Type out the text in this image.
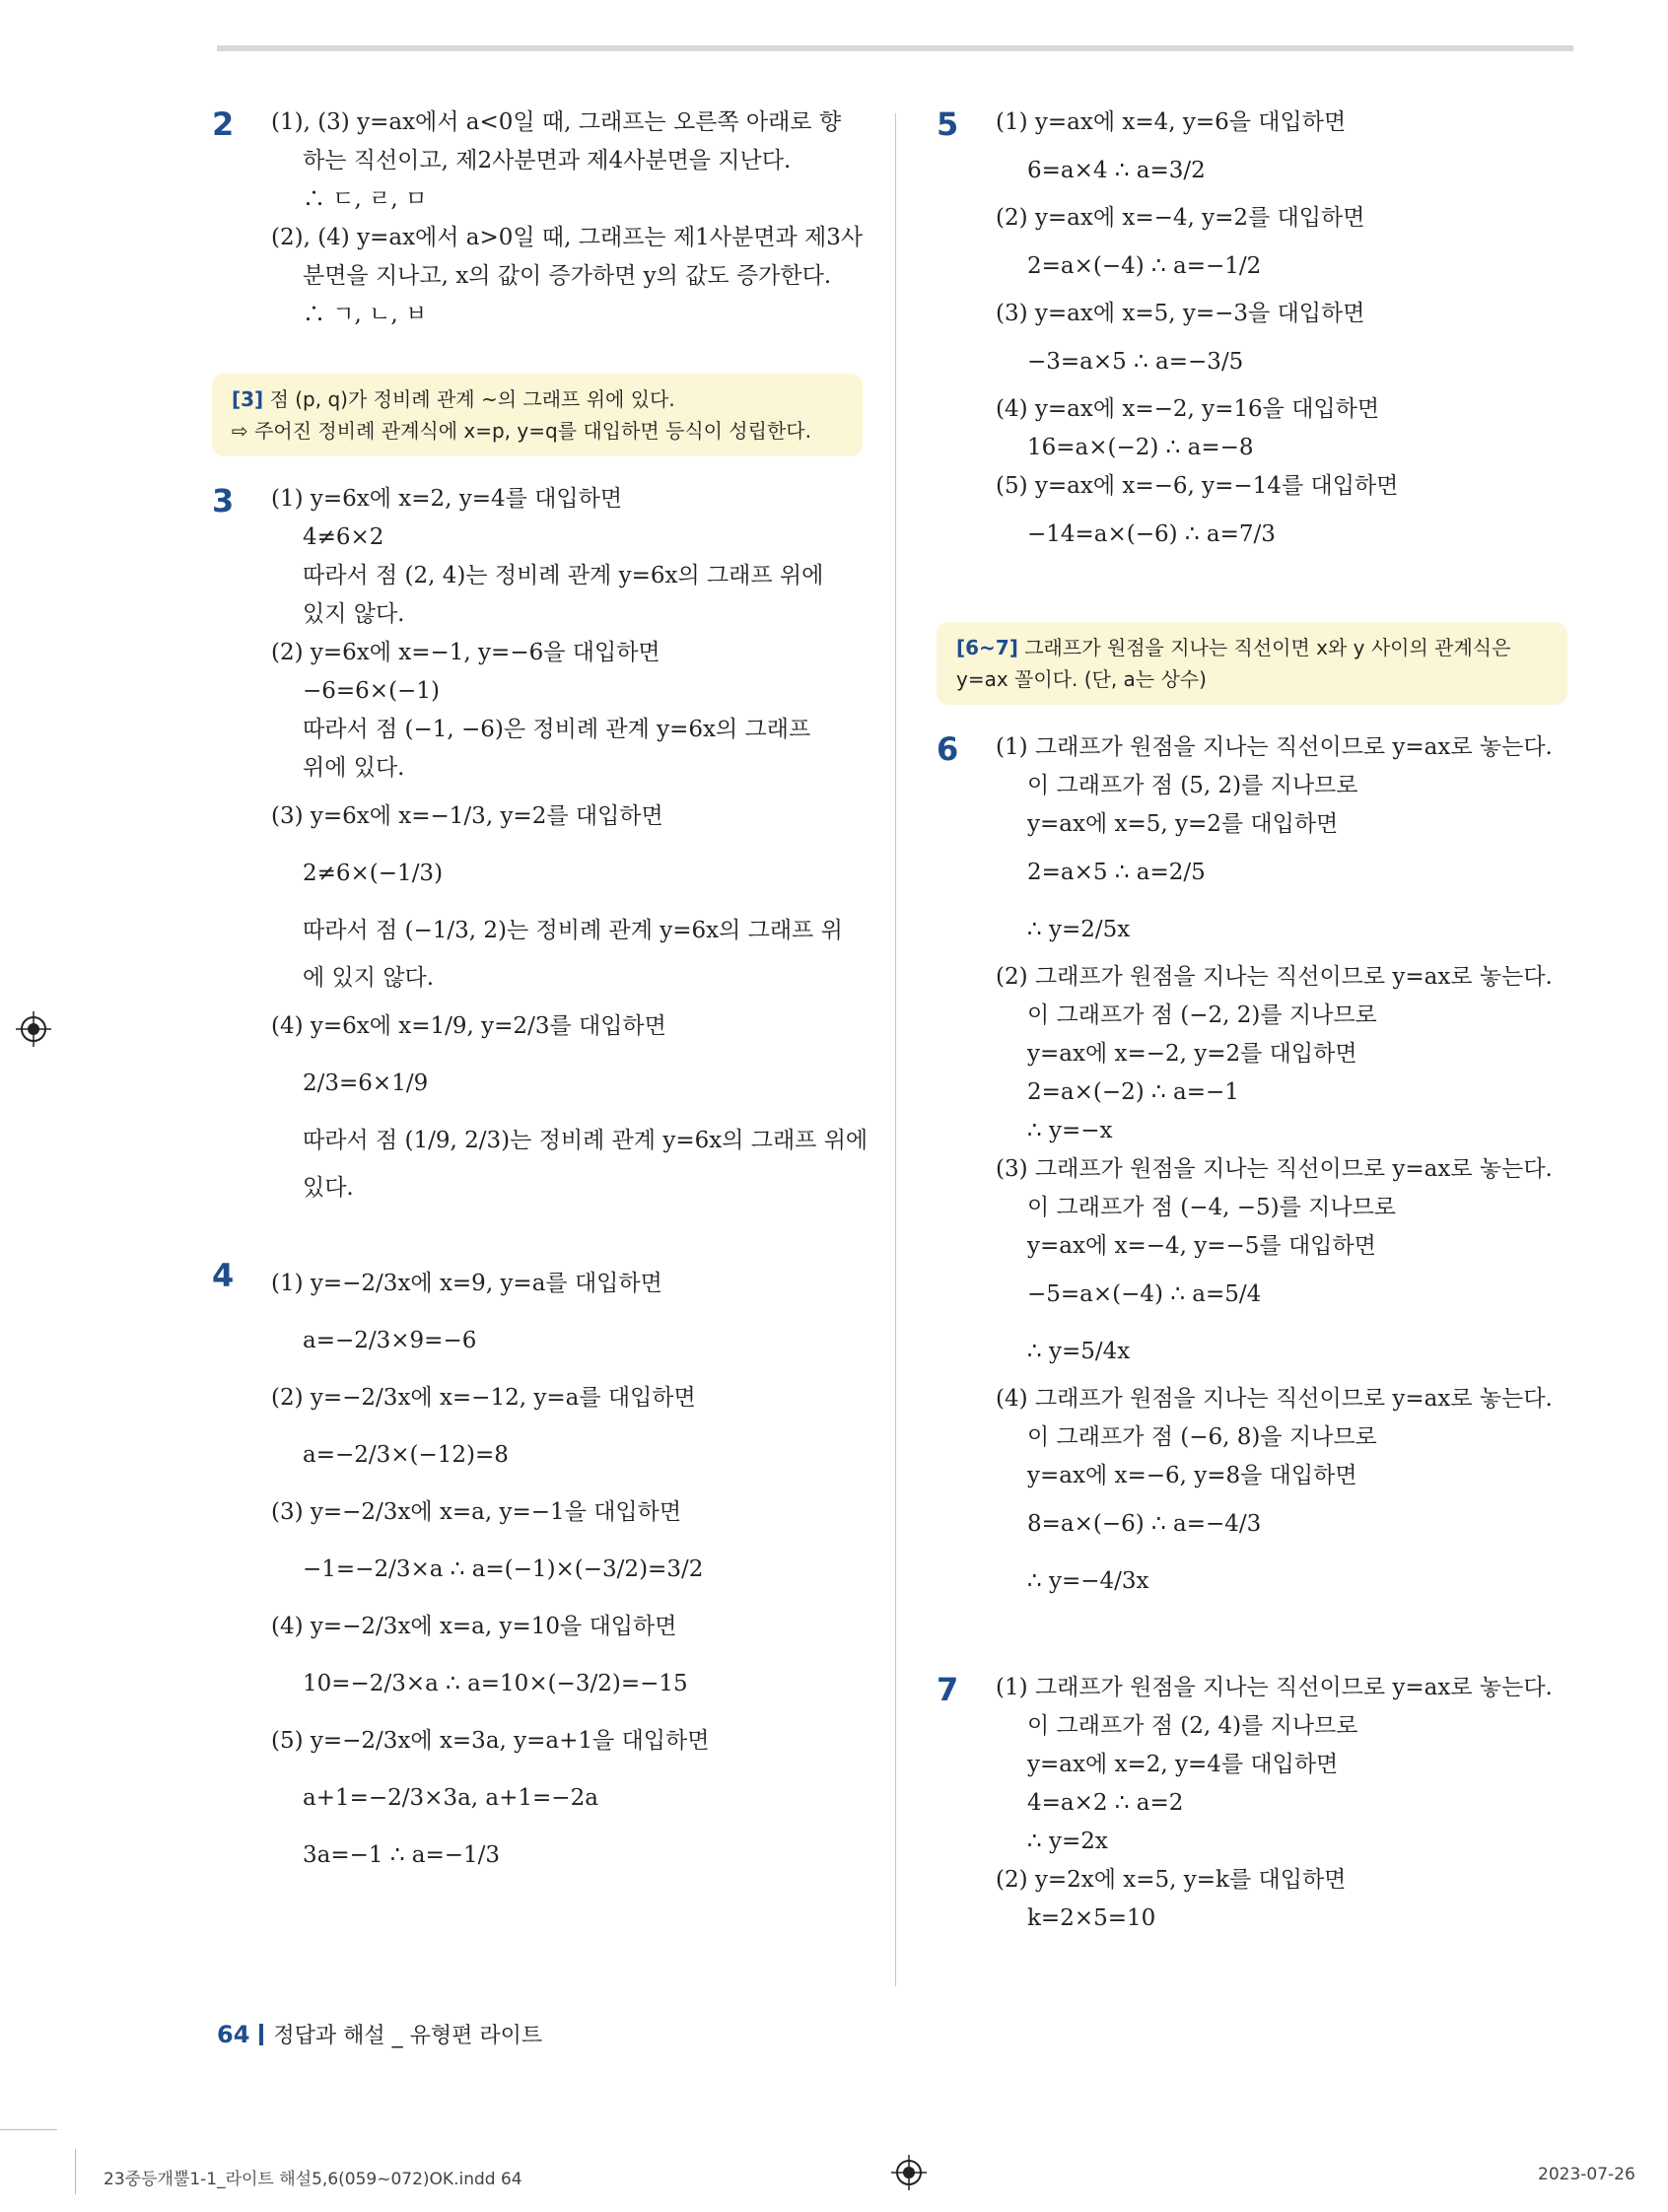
2 (1), (3) y=ax에서 a<0일 때, 그래프는 오른쪽 아래로 향
하는 직선이고, 제2사분면과 제4사분면을 지난다.
∴ ㄷ, ㄹ, ㅁ
(2), (4) y=ax에서 a>0일 때, 그래프는 제1사분면과 제3사
분면을 지나고, x의 값이 증가하면 y의 값도 증가한다.
∴ ㄱ, ㄴ, ㅂ
[3] 점 (p, q)가 정비례 관계 ~의 그래프 위에 있다.
⇨ 주어진 정비례 관계식에 x=p, y=q를 대입하면 등식이 성립한다.
3 (1) y=6x에 x=2, y=4를 대입하면
4≠6×2
따라서 점 (2, 4)는 정비례 관계 y=6x의 그래프 위에
있지 않다.
(2) y=6x에 x=−1, y=−6을 대입하면
−6=6×(−1)
따라서 점 (−1, −6)은 정비례 관계 y=6x의 그래프
위에 있다.
(3) y=6x에 x=−1/3, y=2를 대입하면
2≠6×(−1/3)
따라서 점 (−1/3, 2)는 정비례 관계 y=6x의 그래프 위
에 있지 않다.
(4) y=6x에 x=1/9, y=2/3를 대입하면
2/3=6×1/9
따라서 점 (1/9, 2/3)는 정비례 관계 y=6x의 그래프 위에
있다.
4 (1) y=−2/3x에 x=9, y=a를 대입하면
a=−2/3×9=−6
(2) y=−2/3x에 x=−12, y=a를 대입하면
a=−2/3×(−12)=8
(3) y=−2/3x에 x=a, y=−1을 대입하면
−1=−2/3×a ∴ a=(−1)×(−3/2)=3/2
(4) y=−2/3x에 x=a, y=10을 대입하면
10=−2/3×a ∴ a=10×(−3/2)=−15
(5) y=−2/3x에 x=3a, y=a+1을 대입하면
a+1=−2/3×3a, a+1=−2a
3a=−1 ∴ a=−1/3
5 (1) y=ax에 x=4, y=6을 대입하면
6=a×4 ∴ a=3/2
(2) y=ax에 x=−4, y=2를 대입하면
2=a×(−4) ∴ a=−1/2
(3) y=ax에 x=5, y=−3을 대입하면
−3=a×5 ∴ a=−3/5
(4) y=ax에 x=−2, y=16을 대입하면
16=a×(−2) ∴ a=−8
(5) y=ax에 x=−6, y=−14를 대입하면
−14=a×(−6) ∴ a=7/3
[6~7] 그래프가 원점을 지나는 직선이면 x와 y 사이의 관계식은
y=ax 꼴이다. (단, a는 상수)
6 (1) 그래프가 원점을 지나는 직선이므로 y=ax로 놓는다.
이 그래프가 점 (5, 2)를 지나므로
y=ax에 x=5, y=2를 대입하면
2=a×5 ∴ a=2/5
∴ y=2/5x
(2) 그래프가 원점을 지나는 직선이므로 y=ax로 놓는다.
이 그래프가 점 (−2, 2)를 지나므로
y=ax에 x=−2, y=2를 대입하면
2=a×(−2) ∴ a=−1
∴ y=−x
(3) 그래프가 원점을 지나는 직선이므로 y=ax로 놓는다.
이 그래프가 점 (−4, −5)를 지나므로
y=ax에 x=−4, y=−5를 대입하면
−5=a×(−4) ∴ a=5/4
∴ y=5/4x
(4) 그래프가 원점을 지나는 직선이므로 y=ax로 놓는다.
이 그래프가 점 (−6, 8)을 지나므로
y=ax에 x=−6, y=8을 대입하면
8=a×(−6) ∴ a=−4/3
∴ y=−4/3x
7 (1) 그래프가 원점을 지나는 직선이므로 y=ax로 놓는다.
이 그래프가 점 (2, 4)를 지나므로
y=ax에 x=2, y=4를 대입하면
4=a×2 ∴ a=2
∴ y=2x
(2) y=2x에 x=5, y=k를 대입하면
k=2×5=10
64 정답과 해설 _ 유형편 라이트
23중등개뿔1-1_라이트 해설5,6(059~072)OK.indd 64	2023-07-26
